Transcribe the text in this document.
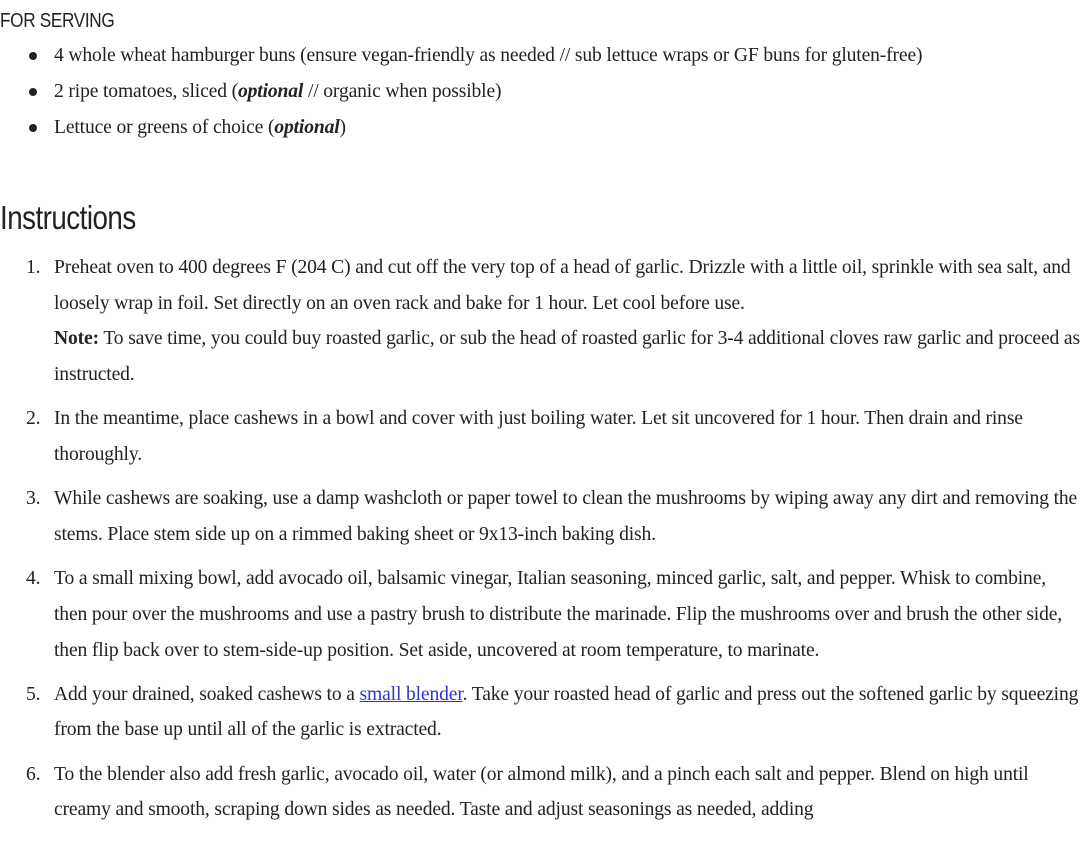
FOR SERVING
4 whole wheat hamburger buns (ensure vegan-friendly as needed // sub lettuce wraps or GF buns for gluten-free)
2 ripe tomatoes, sliced (optional // organic when possible)
Lettuce or greens of choice (optional)
Instructions
1. Preheat oven to 400 degrees F (204 C) and cut off the very top of a head of garlic. Drizzle with a little oil, sprinkle with sea salt, and loosely wrap in foil. Set directly on an oven rack and bake for 1 hour. Let cool before use.
Note: To save time, you could buy roasted garlic, or sub the head of roasted garlic for 3-4 additional cloves raw garlic and proceed as instructed.
2. In the meantime, place cashews in a bowl and cover with just boiling water. Let sit uncovered for 1 hour. Then drain and rinse thoroughly.
3. While cashews are soaking, use a damp washcloth or paper towel to clean the mushrooms by wiping away any dirt and removing the stems. Place stem side up on a rimmed baking sheet or 9x13-inch baking dish.
4. To a small mixing bowl, add avocado oil, balsamic vinegar, Italian seasoning, minced garlic, salt, and pepper. Whisk to combine, then pour over the mushrooms and use a pastry brush to distribute the marinade. Flip the mushrooms over and brush the other side, then flip back over to stem-side-up position. Set aside, uncovered at room temperature, to marinate.
5. Add your drained, soaked cashews to a small blender. Take your roasted head of garlic and press out the softened garlic by squeezing from the base up until all of the garlic is extracted.
6. To the blender also add fresh garlic, avocado oil, water (or almond milk), and a pinch each salt and pepper. Blend on high until creamy and smooth, scraping down sides as needed. Taste and adjust seasonings as needed, adding
